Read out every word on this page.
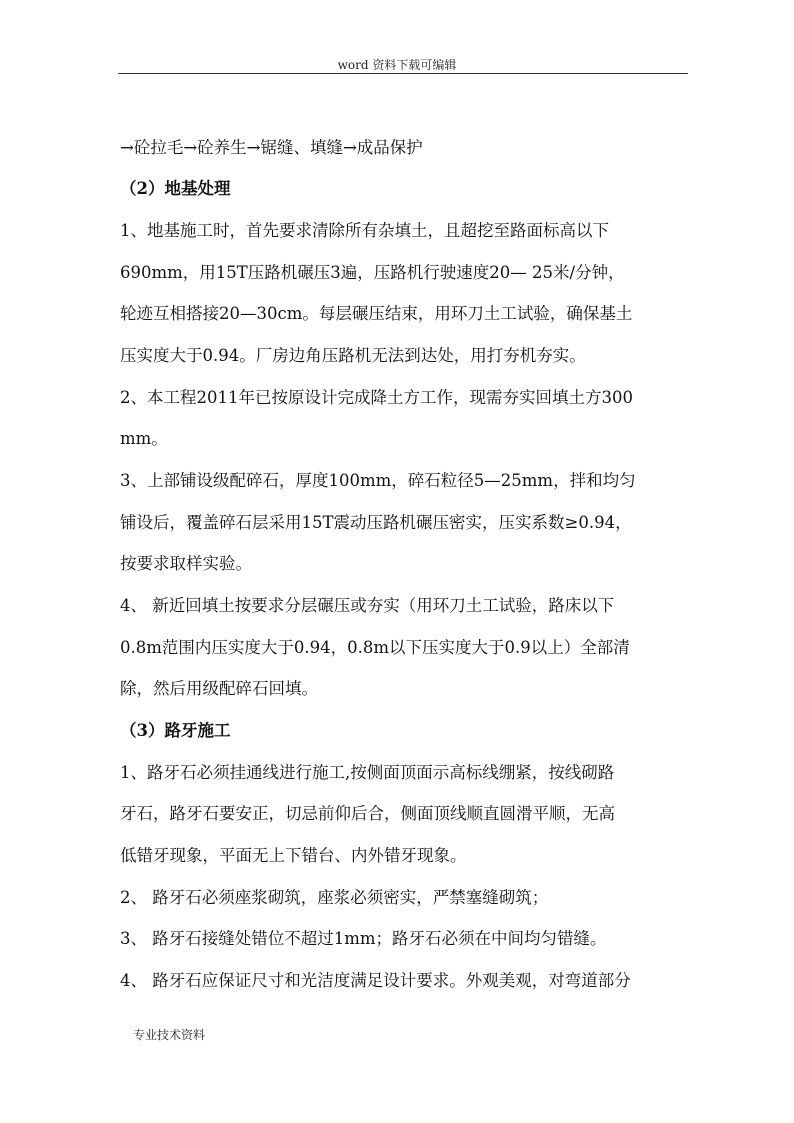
word 资料下载可编辑
→砼拉毛→砼养生→锯缝、填缝→成品保护
（2）地基处理
1、地基施工时，首先要求清除所有杂填土，且超挖至路面标高以下
690mm，用15T压路机碾压3遍，压路机行驶速度20— 25米/分钟，
轮迹互相搭接20—30cm。每层碾压结束，用环刀土工试验，确保基土
压实度大于0.94。厂房边角压路机无法到达处，用打夯机夯实。
2、本工程2011年已按原设计完成降土方工作，现需夯实回填土方300
mm。
3、上部铺设级配碎石，厚度100mm，碎石粒径5—25mm，拌和均匀
铺设后，覆盖碎石层采用15T震动压路机碾压密实，压实系数≥0.94，
按要求取样实验。
4、 新近回填土按要求分层碾压或夯实（用环刀土工试验，路床以下
0.8m范围内压实度大于0.94，0.8m以下压实度大于0.9以上）全部清
除，然后用级配碎石回填。
（3）路牙施工
1、路牙石必须挂通线进行施工,按侧面顶面示高标线绷紧，按线砌路
牙石，路牙石要安正，切忌前仰后合，侧面顶线顺直圆滑平顺，无高
低错牙现象，平面无上下错台、内外错牙现象。
2、 路牙石必须座浆砌筑，座浆必须密实，严禁塞缝砌筑；
3、 路牙石接缝处错位不超过1mm；路牙石必须在中间均匀错缝。
4、 路牙石应保证尺寸和光洁度满足设计要求。外观美观，对弯道部分
专业技术资料
